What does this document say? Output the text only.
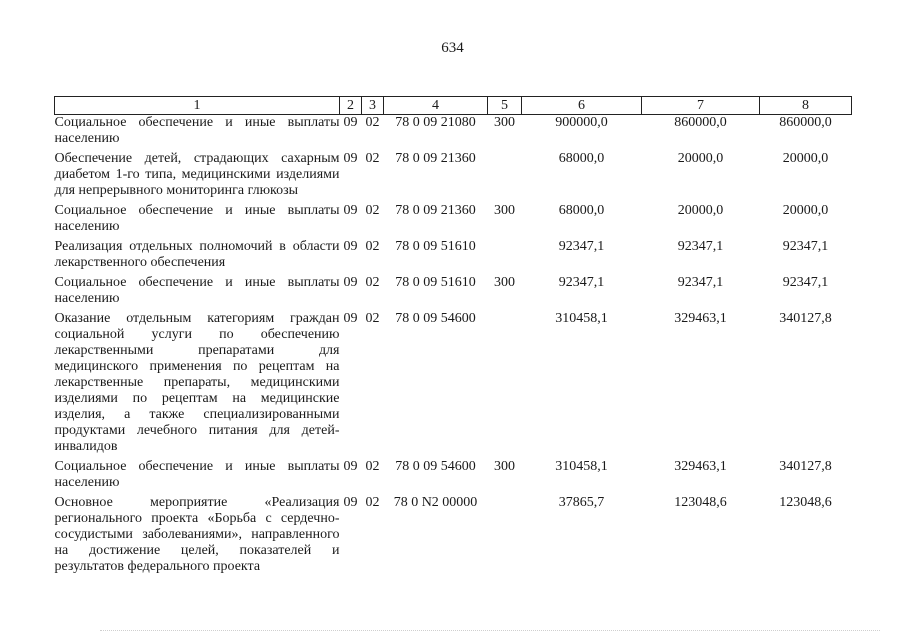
634
1	2	3	4	5	6	7	8
Социальное обеспечение и иные выплаты населению	09	02	78 0 09 21080	300	900000,0	860000,0	860000,0

Обеспечение детей, страдающих сахарным диабетом 1-го типа, медицинскими изделиями для непрерывного мониторинга глюкозы	09	02	78 0 09 21360		68000,0	20000,0	20000,0

Социальное обеспечение и иные выплаты населению	09	02	78 0 09 21360	300	68000,0	20000,0	20000,0

Реализация отдельных полномочий в области лекарственного обеспечения	09	02	78 0 09 51610		92347,1	92347,1	92347,1

Социальное обеспечение и иные выплаты населению	09	02	78 0 09 51610	300	92347,1	92347,1	92347,1

Оказание отдельным категориям граждан социальной услуги по обеспечению лекарственными препаратами для медицинского применения по рецептам на лекарственные препараты, медицинскими изделиями по рецептам на медицинские изделия, а также специализированными продуктами лечебного питания для детей-инвалидов	09	02	78 0 09 54600		310458,1	329463,1	340127,8

Социальное обеспечение и иные выплаты населению	09	02	78 0 09 54600	300	310458,1	329463,1	340127,8

Основное мероприятие «Реализация регионального проекта «Борьба с сердечно-сосудистыми заболеваниями», направленного на достижение целей, показателей и результатов федерального проекта	09	02	78 0 N2 00000		37865,7	123048,6	123048,6
